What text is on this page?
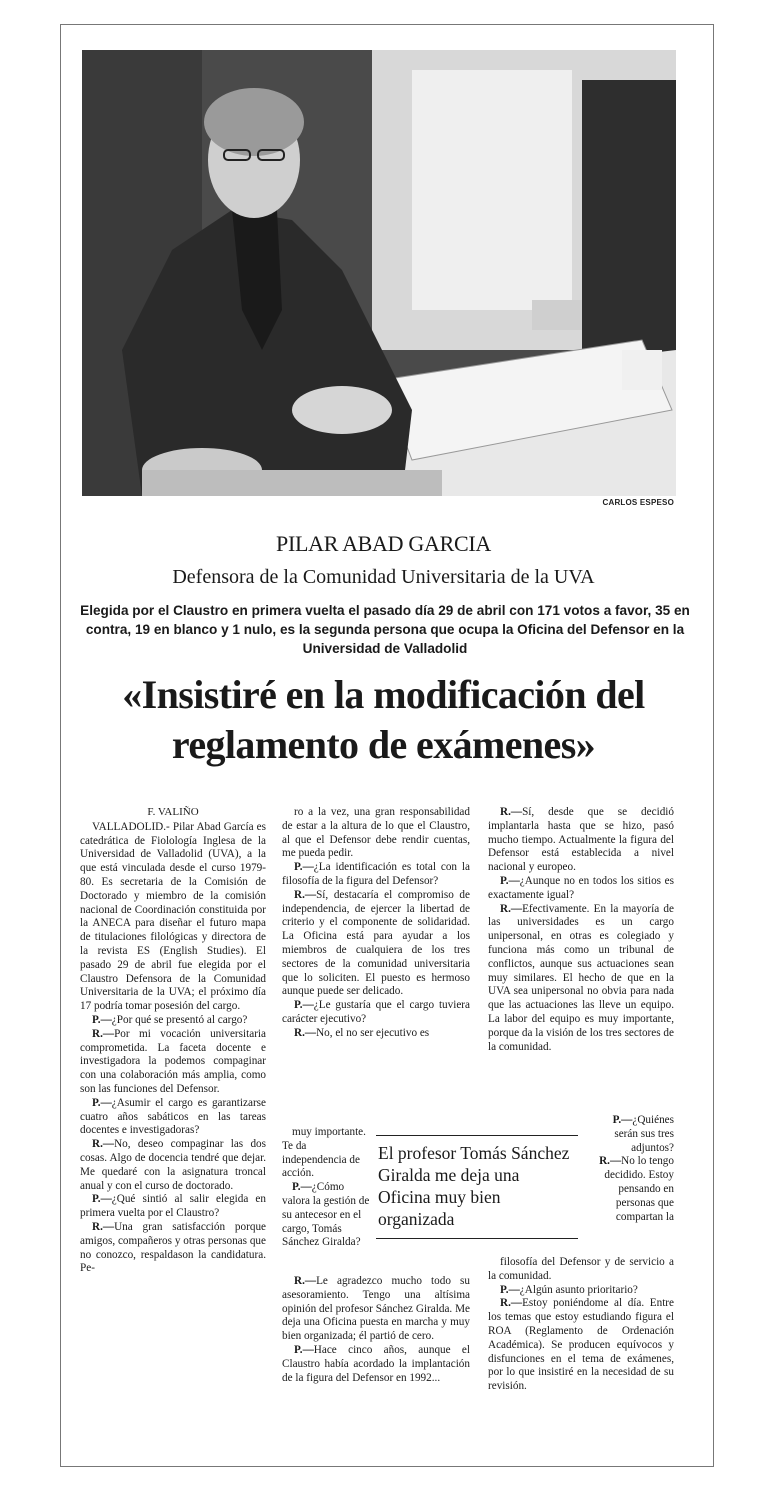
CARLOS ESPESO
PILAR ABAD GARCIA
Defensora de la Comunidad Universitaria de la UVA
Elegida por el Claustro en primera vuelta el pasado día 29 de abril con 171 votos a favor, 35 en contra, 19 en blanco y 1 nulo, es la segunda persona que ocupa la Oficina del Defensor en la Universidad de Valladolid
«Insistiré en la modificación del reglamento de exámenes»

F. VALIÑO

VALLADOLID.- Pilar Abad García es catedrática de Fiolología Inglesa de la Universidad de Valladolid (UVA), a la que está vinculada desde el curso 1979-80. Es secretaria de la Comisión de Doctorado y miembro de la comisión nacional de Coordinación constituida por la ANECA para diseñar el futuro mapa de titulaciones filológicas y directora de la revista ES (English Studies). El pasado 29 de abril fue elegida por el Claustro Defensora de la Comunidad Universitaria de la UVA; el próximo día 17 podría tomar posesión del cargo.

P.—¿Por qué se presentó al cargo?

R.—Por mi vocación universitaria comprometida. La faceta docente e investigadora la podemos compaginar con una colaboración más amplia, como son las funciones del Defensor.

P.—¿Asumir el cargo es garantizarse cuatro años sabáticos en las tareas docentes e investigadoras?

R.—No, deseo compaginar las dos cosas. Algo de docencia tendré que dejar. Me quedaré con la asignatura troncal anual y con el curso de doctorado.

P.—¿Qué sintió al salir elegida en primera vuelta por el Claustro?

R.—Una gran satisfacción porque amigos, compañeros y otras personas que no conozco, respaldason la candidatura. Pe-

ro a la vez, una gran responsabilidad de estar a la altura de lo que el Claustro, al que el Defensor debe rendir cuentas, me pueda pedir.

P.—¿La identificación es total con la filosofía de la figura del Defensor?

R.—Sí, destacaría el compromiso de independencia, de ejercer la libertad de criterio y el componente de solidaridad. La Oficina está para ayudar a los miembros de cualquiera de los tres sectores de la comunidad universitaria que lo soliciten. El puesto es hermoso aunque puede ser delicado.

P.—¿Le gustaría que el cargo tuviera carácter ejecutivo?

R.—No, el no ser ejecutivo es

muy importante. Te da independencia de acción.

P.—¿Cómo valora la gestión de su antecesor en el cargo, Tomás Sánchez Giralda?

R.—Le agradezco mucho todo su asesoramiento. Tengo una altísima opinión del profesor Sánchez Giralda. Me deja una Oficina puesta en marcha y muy bien organizada; él partió de cero.

P.—Hace cinco años, aunque el Claustro había acordado la implantación de la figura del Defensor en 1992...

El profesor Tomás Sánchez Giralda me deja una Oficina muy bien organizada

R.—Sí, desde que se decidió implantarla hasta que se hizo, pasó mucho tiempo. Actualmente la figura del Defensor está establecida a nivel nacional y europeo.

P.—¿Aunque no en todos los sitios es exactamente igual?

R.—Efectivamente. En la mayoría de las universidades es un cargo unipersonal, en otras es colegiado y funciona más como un tribunal de conflictos, aunque sus actuaciones sean muy similares. El hecho de que en la UVA sea unipersonal no obvia para nada que las actuaciones las lleve un equipo. La labor del equipo es muy importante, porque da la visión de los tres sectores de la comunidad.

P.—¿Quiénes serán sus tres adjuntos?

R.—No lo tengo decidido. Estoy pensando en personas que compartan la

filosofía del Defensor y de servicio a la comunidad.

P.—¿Algún asunto prioritario?

R.—Estoy poniéndome al día. Entre los temas que estoy estudiando figura el ROA (Reglamento de Ordenación Académica). Se producen equívocos y disfunciones en el tema de exámenes, por lo que insistiré en la necesidad de su revisión.
